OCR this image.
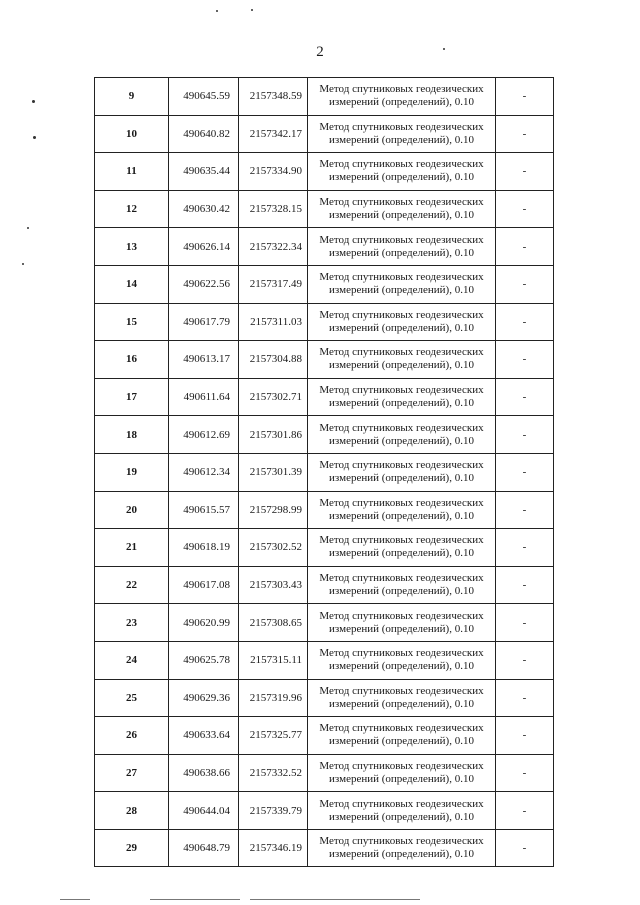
2
9	490645.59	2157348.59	Метод спутниковых геодезических
измерений (определений), 0.10	-
10	490640.82	2157342.17	Метод спутниковых геодезических
измерений (определений), 0.10	-
11	490635.44	2157334.90	Метод спутниковых геодезических
измерений (определений), 0.10	-
12	490630.42	2157328.15	Метод спутниковых геодезических
измерений (определений), 0.10	-
13	490626.14	2157322.34	Метод спутниковых геодезических
измерений (определений), 0.10	-
14	490622.56	2157317.49	Метод спутниковых геодезических
измерений (определений), 0.10	-
15	490617.79	2157311.03	Метод спутниковых геодезических
измерений (определений), 0.10	-
16	490613.17	2157304.88	Метод спутниковых геодезических
измерений (определений), 0.10	-
17	490611.64	2157302.71	Метод спутниковых геодезических
измерений (определений), 0.10	-
18	490612.69	2157301.86	Метод спутниковых геодезических
измерений (определений), 0.10	-
19	490612.34	2157301.39	Метод спутниковых геодезических
измерений (определений), 0.10	-
20	490615.57	2157298.99	Метод спутниковых геодезических
измерений (определений), 0.10	-
21	490618.19	2157302.52	Метод спутниковых геодезических
измерений (определений), 0.10	-
22	490617.08	2157303.43	Метод спутниковых геодезических
измерений (определений), 0.10	-
23	490620.99	2157308.65	Метод спутниковых геодезических
измерений (определений), 0.10	-
24	490625.78	2157315.11	Метод спутниковых геодезических
измерений (определений), 0.10	-
25	490629.36	2157319.96	Метод спутниковых геодезических
измерений (определений), 0.10	-
26	490633.64	2157325.77	Метод спутниковых геодезических
измерений (определений), 0.10	-
27	490638.66	2157332.52	Метод спутниковых геодезических
измерений (определений), 0.10	-
28	490644.04	2157339.79	Метод спутниковых геодезических
измерений (определений), 0.10	-
29	490648.79	2157346.19	Метод спутниковых геодезических
измерений (определений), 0.10	-
